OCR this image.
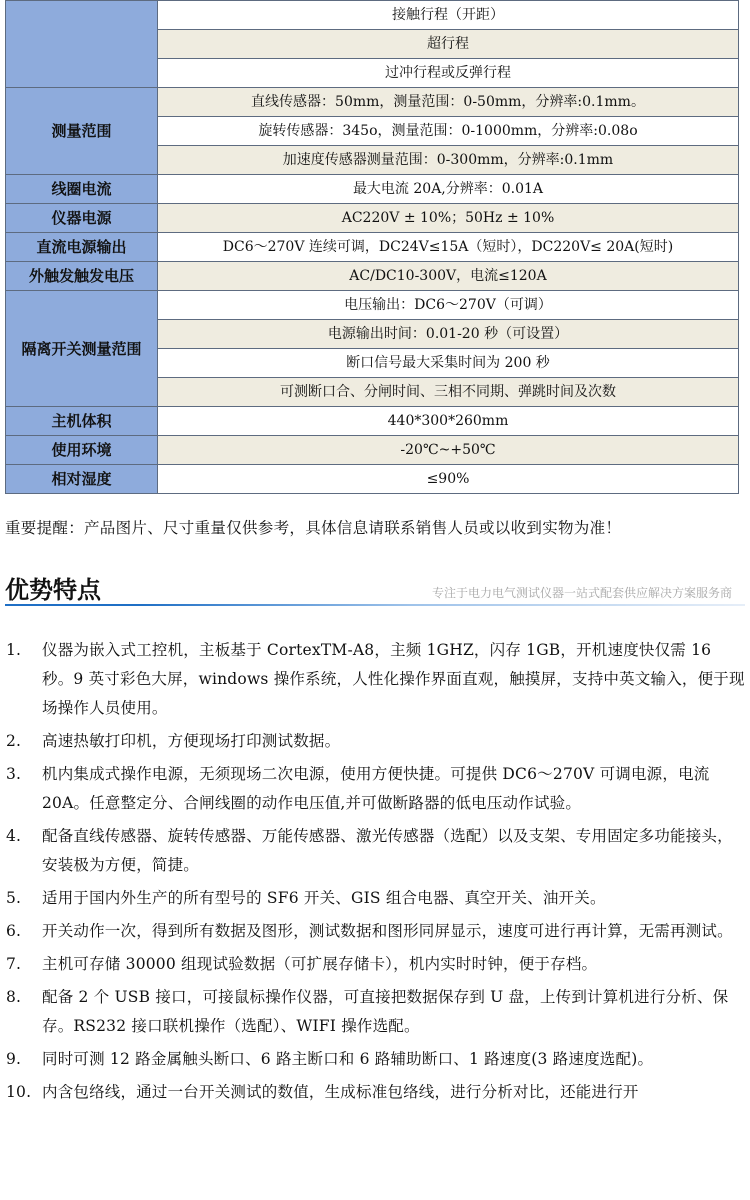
	接触行程（开距）
	超行程
	过冲行程或反弹行程
测量范围	直线传感器：50mm，测量范围：0-50mm，分辨率:0.1mm。
	旋转传感器：345ο，测量范围：0-1000mm，分辨率:0.08ο
	加速度传感器测量范围：0-300mm，分辨率:0.1mm
线圈电流	最大电流 20A,分辨率：0.01A
仪器电源	AC220V ± 10%；50Hz ± 10%
直流电源输出	DC6～270V 连续可调，DC24V≤15A（短时），DC220V≤ 20A(短时)
外触发触发电压	AC/DC10-300V，电流≤120A
隔离开关测量范围	电压输出：DC6～270V（可调）
	电源输出时间：0.01-20 秒（可设置）
	断口信号最大采集时间为 200 秒
	可测断口合、分闸时间、三相不同期、弹跳时间及次数
主机体积	440*300*260mm
使用环境	-20℃~+50℃
相对湿度	≤90%
重要提醒：产品图片、尺寸重量仅供参考，具体信息请联系销售人员或以收到实物为准！
优势特点	专注于电力电气测试仪器一站式配套供应解决方案服务商
1. 仪器为嵌入式工控机，主板基于 CortexTM-A8，主频 1GHZ，闪存 1GB，开机速度快仅需 16 秒。9 英寸彩色大屏，windows 操作系统，人性化操作界面直观，触摸屏，支持中英文输入，便于现场操作人员使用。
2. 高速热敏打印机，方便现场打印测试数据。
3. 机内集成式操作电源，无须现场二次电源，使用方便快捷。可提供 DC6～270V 可调电源，电流 20A。任意整定分、合闸线圈的动作电压值,并可做断路器的低电压动作试验。
4. 配备直线传感器、旋转传感器、万能传感器、激光传感器（选配）以及支架、专用固定多功能接头，安装极为方便，简捷。
5. 适用于国内外生产的所有型号的 SF6 开关、GIS 组合电器、真空开关、油开关。
6. 开关动作一次，得到所有数据及图形，测试数据和图形同屏显示，速度可进行再计算，无需再测试。
7. 主机可存储 30000 组现试验数据（可扩展存储卡），机内实时时钟，便于存档。
8. 配备 2 个 USB 接口，可接鼠标操作仪器，可直接把数据保存到 U 盘，上传到计算机进行分析、保存。RS232 接口联机操作（选配）、WIFI 操作选配。
9. 同时可测 12 路金属触头断口、6 路主断口和 6 路辅助断口、1 路速度(3 路速度选配)。
10. 内含包络线，通过一台开关测试的数值，生成标准包络线，进行分析对比，还能进行开
